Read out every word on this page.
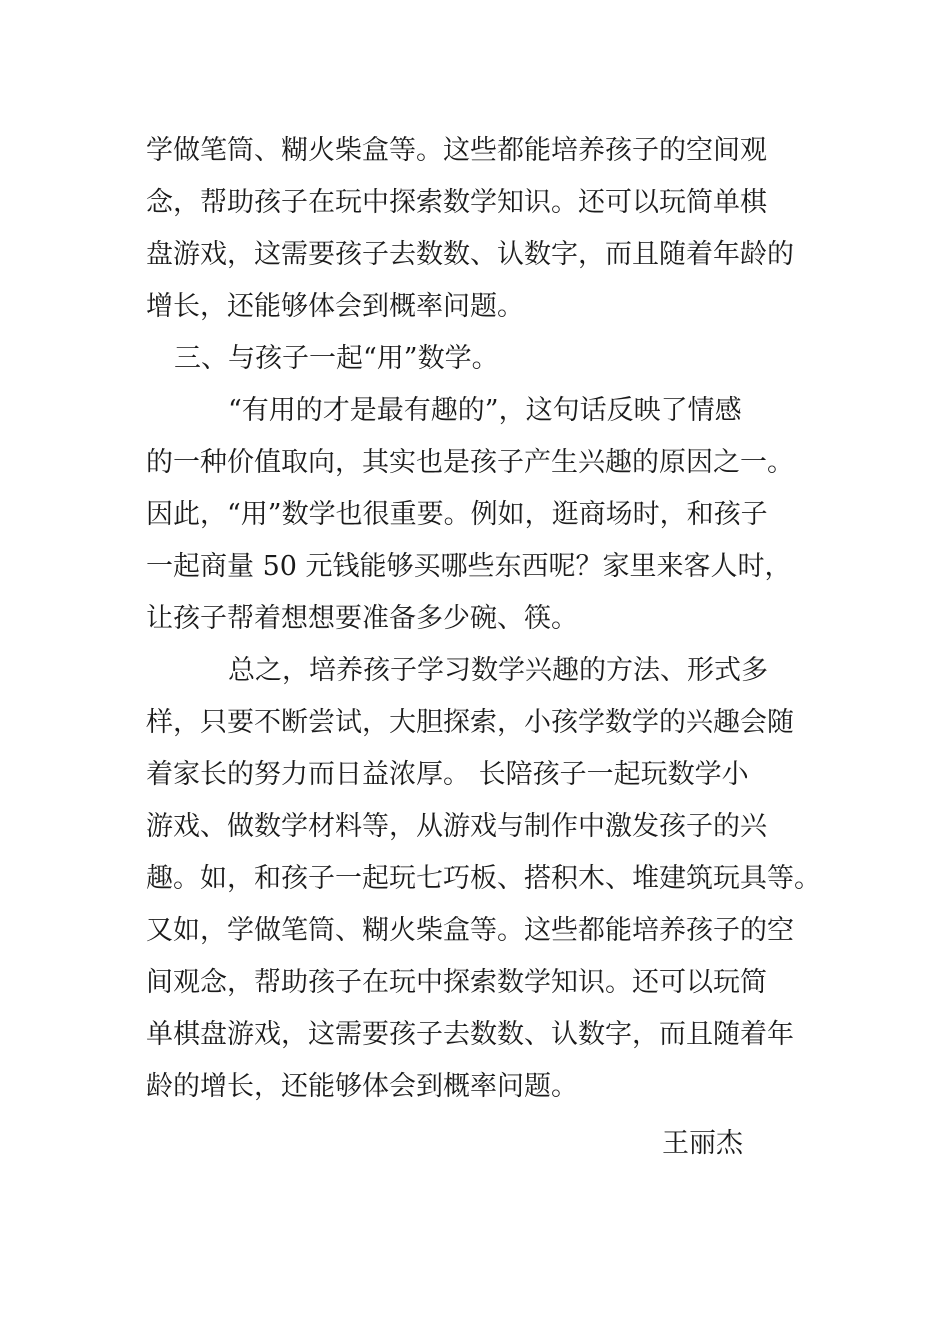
学做笔筒、糊火柴盒等。这些都能培养孩子的空间观
念，帮助孩子在玩中探索数学知识。还可以玩简单棋
盘游戏，这需要孩子去数数、认数字，而且随着年龄的
增长，还能够体会到概率问题。
三、与孩子一起“用”数学。
“有用的才是最有趣的”，这句话反映了情感
的一种价值取向，其实也是孩子产生兴趣的原因之一。
因此，“用”数学也很重要。例如，逛商场时，和孩子
一起商量 50 元钱能够买哪些东西呢？家里来客人时，
让孩子帮着想想要准备多少碗、筷。
总之，培养孩子学习数学兴趣的方法、形式多
样，只要不断尝试，大胆探索，小孩学数学的兴趣会随
着家长的努力而日益浓厚。 长陪孩子一起玩数学小
游戏、做数学材料等，从游戏与制作中激发孩子的兴
趣。如，和孩子一起玩七巧板、搭积木、堆建筑玩具等。
又如，学做笔筒、糊火柴盒等。这些都能培养孩子的空
间观念，帮助孩子在玩中探索数学知识。还可以玩简
单棋盘游戏，这需要孩子去数数、认数字，而且随着年
龄的增长，还能够体会到概率问题。
王丽杰
